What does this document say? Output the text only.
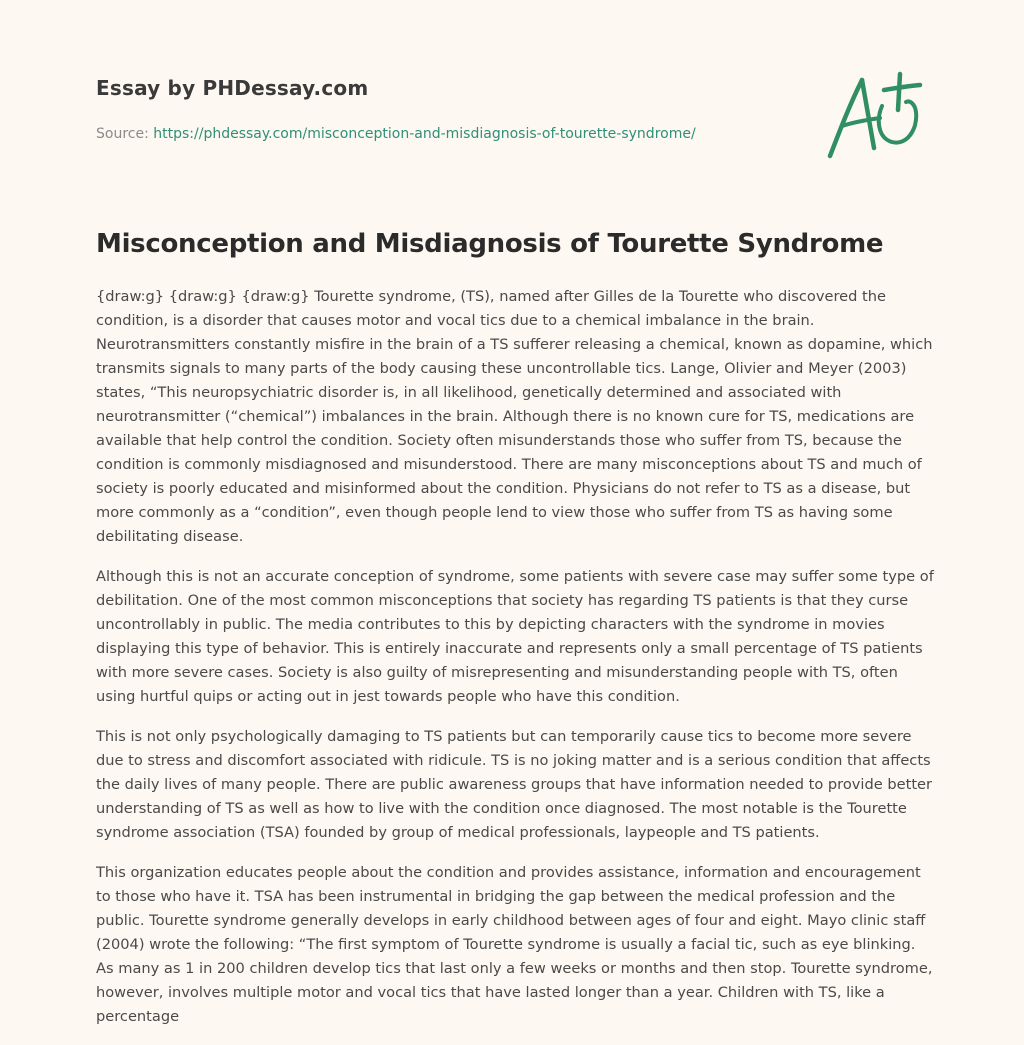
Essay by PHDessay.com
Source: https://phdessay.com/misconception-and-misdiagnosis-of-tourette-syndrome/
Misconception and Misdiagnosis of Tourette Syndrome

{draw:g} {draw:g} {draw:g} Tourette syndrome, (TS), named after Gilles de la Tourette who discovered the condition, is a disorder that causes motor and vocal tics due to a chemical imbalance in the brain. Neurotransmitters constantly misfire in the brain of a TS sufferer releasing a chemical, known as dopamine, which transmits signals to many parts of the body causing these uncontrollable tics. Lange, Olivier and Meyer (2003) states, “This neuropsychiatric disorder is, in all likelihood, genetically determined and associated with neurotransmitter (“chemical”) imbalances in the brain. Although there is no known cure for TS, medications are available that help control the condition. Society often misunderstands those who suffer from TS, because the condition is commonly misdiagnosed and misunderstood. There are many misconceptions about TS and much of society is poorly educated and misinformed about the condition. Physicians do not refer to TS as a disease, but more commonly as a “condition”, even though people lend to view those who suffer from TS as having some debilitating disease.

Although this is not an accurate conception of syndrome, some patients with severe case may suffer some type of debilitation. One of the most common misconceptions that society has regarding TS patients is that they curse uncontrollably in public. The media contributes to this by depicting characters with the syndrome in movies displaying this type of behavior. This is entirely inaccurate and represents only a small percentage of TS patients with more severe cases. Society is also guilty of misrepresenting and misunderstanding people with TS, often using hurtful quips or acting out in jest towards people who have this condition.

This is not only psychologically damaging to TS patients but can temporarily cause tics to become more severe due to stress and discomfort associated with ridicule. TS is no joking matter and is a serious condition that affects the daily lives of many people. There are public awareness groups that have information needed to provide better understanding of TS as well as how to live with the condition once diagnosed. The most notable is the Tourette syndrome association (TSA) founded by group of medical professionals, laypeople and TS patients.

This organization educates people about the condition and provides assistance, information and encouragement to those who have it. TSA has been instrumental in bridging the gap between the medical profession and the public. Tourette syndrome generally develops in early childhood between ages of four and eight. Mayo clinic staff (2004) wrote the following: “The first symptom of Tourette syndrome is usually a facial tic, such as eye blinking. As many as 1 in 200 children develop tics that last only a few weeks or months and then stop. Tourette syndrome, however, involves multiple motor and vocal tics that have lasted longer than a year. Children with TS, like a percentage
